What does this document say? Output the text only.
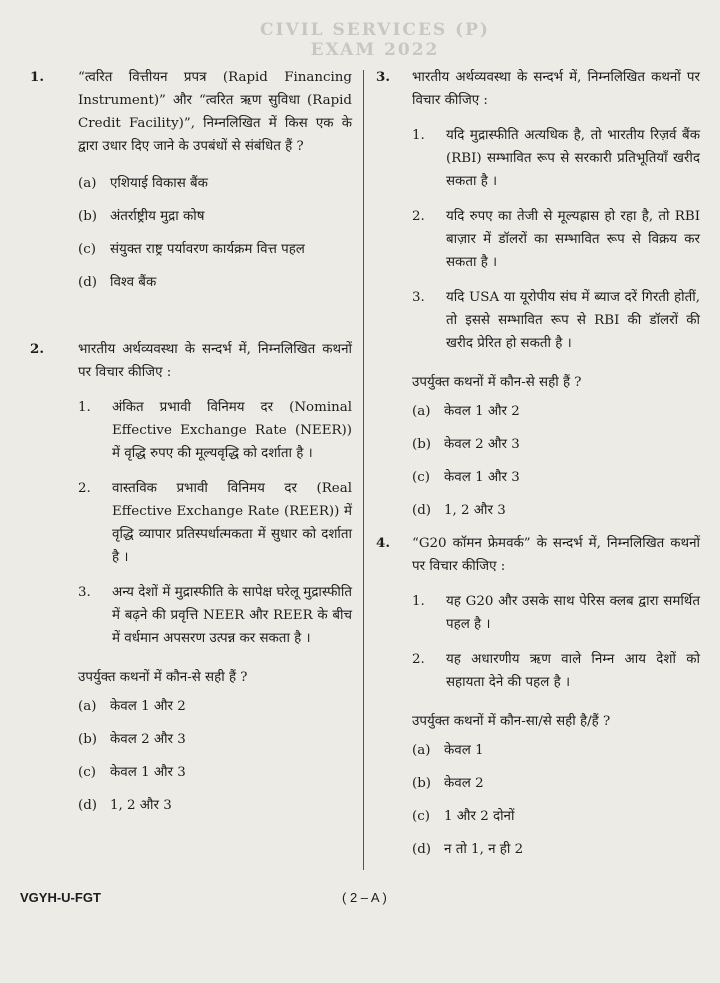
CIVIL SERVICES (P) EXAM 2022
1.	“त्वरित वित्तीयन प्रपत्र (Rapid Financing Instrument)” और “त्वरित ऋण सुविधा (Rapid Credit Facility)”, निम्नलिखित में किस एक के द्वारा उधार दिए जाने के उपबंधों से संबंधित हैं ?
(a)	एशियाई विकास बैंक
(b) अंतर्राष्ट्रीय मुद्रा कोष
(c)	संयुक्त राष्ट्र पर्यावरण कार्यक्रम वित्त पहल
(d) विश्व बैंक
2.	भारतीय अर्थव्यवस्था के सन्दर्भ में, निम्नलिखित कथनों पर विचार कीजिए :
1.	अंकित प्रभावी विनिमय दर (Nominal Effective Exchange Rate (NEER)) में वृद्धि रुपए की मूल्यवृद्धि को दर्शाता है ।
2.	वास्तविक प्रभावी विनिमय दर (Real Effective Exchange Rate (REER)) में वृद्धि व्यापार प्रतिस्पर्धात्मकता में सुधार को दर्शाता है ।
3.	अन्य देशों में मुद्रास्फीति के सापेक्ष घरेलू मुद्रास्फीति में बढ़ने की प्रवृत्ति NEER और REER के बीच में वर्धमान अपसरण उत्पन्न कर सकता है ।
उपर्युक्त कथनों में कौन-से सही हैं ?
(a)	केवल 1 और 2
(b) केवल 2 और 3
(c)	केवल 1 और 3
(d) 1, 2 और 3
3.	भारतीय अर्थव्यवस्था के सन्दर्भ में, निम्नलिखित कथनों पर विचार कीजिए :
1.	यदि मुद्रास्फीति अत्यधिक है, तो भारतीय रिज़र्व बैंक (RBI) सम्भावित रूप से सरकारी प्रतिभूतियाँ खरीद सकता है ।
2.	यदि रुपए का तेजी से मूल्यह्रास हो रहा है, तो RBI बाज़ार में डॉलरों का सम्भावित रूप से विक्रय कर सकता है ।
3.	यदि USA या यूरोपीय संघ में ब्याज दरें गिरती होतीं, तो इससे सम्भावित रूप से RBI की डॉलरों की खरीद प्रेरित हो सकती है ।
उपर्युक्त कथनों में कौन-से सही हैं ?
(a)	केवल 1 और 2
(b) केवल 2 और 3
(c)	केवल 1 और 3
(d) 1, 2 और 3
4.	“G20 कॉमन फ्रेमवर्क” के सन्दर्भ में, निम्नलिखित कथनों पर विचार कीजिए :
1.	यह G20 और उसके साथ पेरिस क्लब द्वारा समर्थित पहल है ।
2.	यह अधारणीय ऋण वाले निम्न आय देशों को सहायता देने की पहल है ।
उपर्युक्त कथनों में कौन-सा/से सही है/हैं ?
(a)	केवल 1
(b) केवल 2
(c)	1 और 2 दोनों
(d) न तो 1, न ही 2
VGYH-U-FGT	( 2 – A )
